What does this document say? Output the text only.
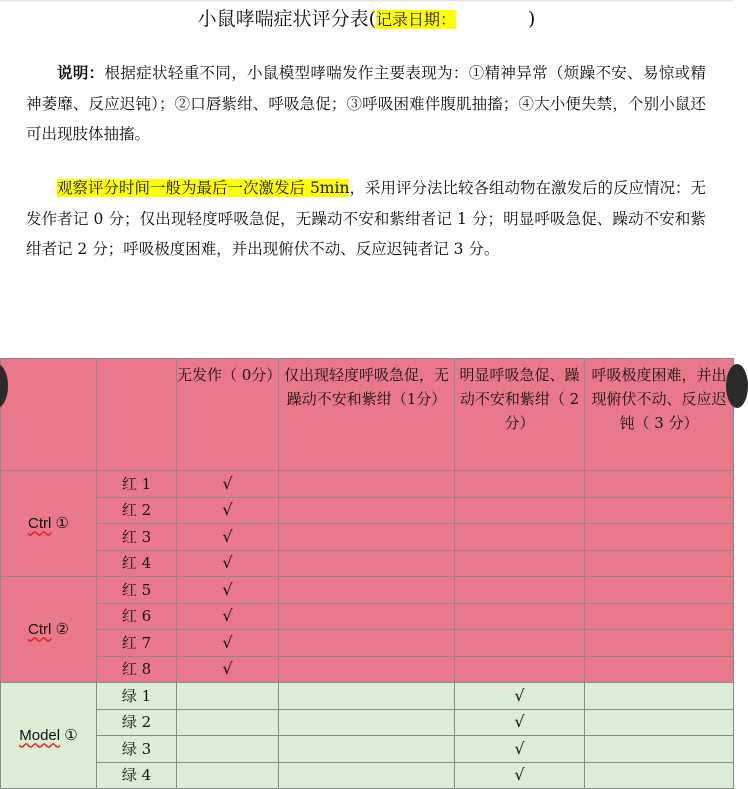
小鼠哮喘症状评分表(记录日期：	)
说明：根据症状轻重不同，小鼠模型哮喘发作主要表现为：①精神异常（烦躁不安、易惊或精神萎靡、反应迟钝）；②口唇紫绀、呼吸急促；③呼吸困难伴腹肌抽搐；④大小便失禁，个别小鼠还可出现肢体抽搐。
观察评分时间一般为最后一次激发后 5min，采用评分法比较各组动物在激发后的反应情况：无发作者记 0 分；仅出现轻度呼吸急促，无躁动不安和紫绀者记 1 分；明显呼吸急促、躁动不安和紫绀者记 2 分；呼吸极度困难，并出现俯伏不动、反应迟钝者记 3 分。
		无发作（ 0分）	仅出现轻度呼吸急促，无躁动不安和紫绀（1分）	明显呼吸急促、躁动不安和紫绀（ 2 分）	呼吸极度困难，并出现俯伏不动、反应迟钝（ 3 分）
Ctrl ①	红 1	√			
	红 2	√			
	红 3	√			
	红 4	√			
Ctrl ②	红 5	√			
	红 6	√			
	红 7	√			
	红 8	√			
Model ①	绿 1			√	
	绿 2			√	
	绿 3			√	
	绿 4			√	
